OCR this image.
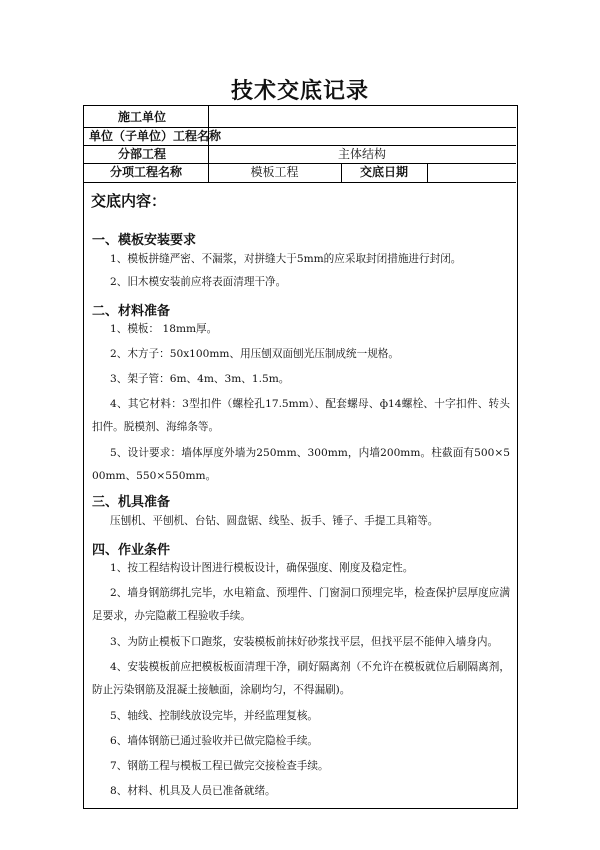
技术交底记录
施工单位
单位（子单位）工程名称
分部工程	主体结构
分项工程名称	模板工程	交底日期
交底内容：
一、模板安装要求
1、模板拼缝严密、不漏浆，对拼缝大于5mm的应采取封闭措施进行封闭。
2、旧木模安装前应将表面清理干净。
二、材料准备
1、模板： 18mm厚。
2、木方子：50x100mm、用压刨双面刨光压制成统一规格。
3、架子管：6m、4m、3m、1.5m。
4、其它材料：3型扣件（螺栓孔17.5mm）、配套螺母、ф14螺栓、十字扣件、转头扣件。脱模剂、海绵条等。
5、设计要求：墙体厚度外墙为250mm、300mm，内墙200mm。柱截面有500×500mm、550×550mm。
三、机具准备
压刨机、平刨机、台钻、圆盘锯、线坠、扳手、锤子、手提工具箱等。
四、作业条件
1、按工程结构设计图进行模板设计，确保强度、刚度及稳定性。
2、墙身钢筋绑扎完毕，水电箱盒、预埋件、门窗洞口预埋完毕，检查保护层厚度应满足要求，办完隐蔽工程验收手续。
3、为防止模板下口跑浆，安装模板前抹好砂浆找平层，但找平层不能伸入墙身内。
4、安装模板前应把模板板面清理干净，刷好隔离剂（不允许在模板就位后刷隔离剂，防止污染钢筋及混凝土接触面，涂刷均匀，不得漏刷)。
5、轴线、控制线放设完毕，并经监理复核。
6、墙体钢筋已通过验收并已做完隐检手续。
7、钢筋工程与模板工程已做完交接检查手续。
8、材料、机具及人员已准备就绪。
